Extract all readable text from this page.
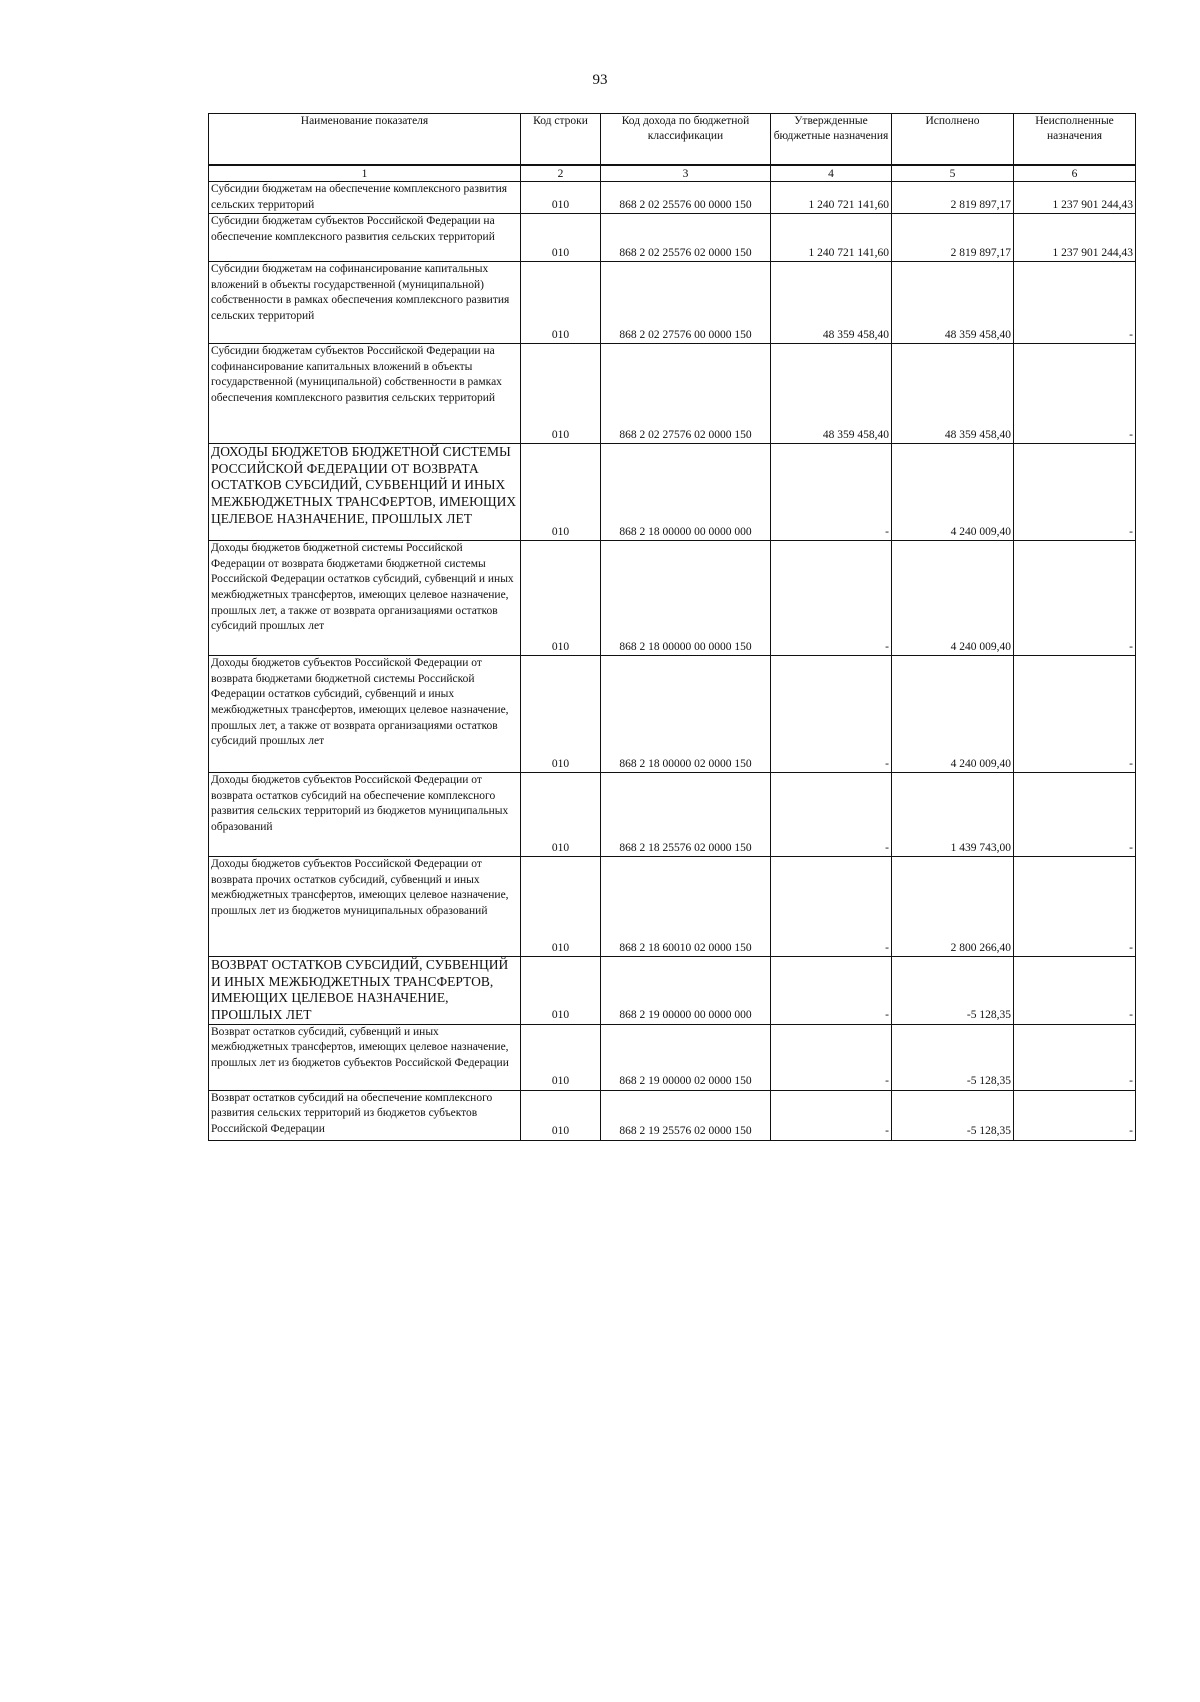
93
Наименование показателя	Код строки	Код дохода по бюджетной классификации	Утвержденные бюджетные назначения	Исполнено	Неисполненные назначения
1	2	3	4	5	6
Субсидии бюджетам на обеспечение комплексного развития сельских территорий	010	868 2 02 25576 00 0000 150	1 240 721 141,60	2 819 897,17	1 237 901 244,43
Субсидии бюджетам субъектов Российской Федерации на обеспечение комплексного развития сельских территорий	010	868 2 02 25576 02 0000 150	1 240 721 141,60	2 819 897,17	1 237 901 244,43
Субсидии бюджетам на софинансирование капитальных вложений в объекты государственной (муниципальной) собственности в рамках обеспечения комплексного развития сельских территорий	010	868 2 02 27576 00 0000 150	48 359 458,40	48 359 458,40	-
Субсидии бюджетам субъектов Российской Федерации на софинансирование капитальных вложений в объекты государственной (муниципальной) собственности в рамках обеспечения комплексного развития сельских территорий	010	868 2 02 27576 02 0000 150	48 359 458,40	48 359 458,40	-
ДОХОДЫ БЮДЖЕТОВ БЮДЖЕТНОЙ СИСТЕМЫ РОССИЙСКОЙ ФЕДЕРАЦИИ ОТ ВОЗВРАТА ОСТАТКОВ СУБСИДИЙ, СУБВЕНЦИЙ И ИНЫХ МЕЖБЮДЖЕТНЫХ ТРАНСФЕРТОВ, ИМЕЮЩИХ ЦЕЛЕВОЕ НАЗНАЧЕНИЕ, ПРОШЛЫХ ЛЕТ	010	868 2 18 00000 00 0000 000	-	4 240 009,40	-
Доходы бюджетов бюджетной системы Российской Федерации от возврата бюджетами бюджетной системы Российской Федерации остатков субсидий, субвенций и иных межбюджетных трансфертов, имеющих целевое назначение, прошлых лет, а также от возврата организациями остатков субсидий прошлых лет	010	868 2 18 00000 00 0000 150	-	4 240 009,40	-
Доходы бюджетов субъектов Российской Федерации от возврата бюджетами бюджетной системы Российской Федерации остатков субсидий, субвенций и иных межбюджетных трансфертов, имеющих целевое назначение, прошлых лет, а также от возврата организациями остатков субсидий прошлых лет	010	868 2 18 00000 02 0000 150	-	4 240 009,40	-
Доходы бюджетов субъектов Российской Федерации от возврата остатков субсидий на обеспечение комплексного развития сельских территорий из бюджетов муниципальных образований	010	868 2 18 25576 02 0000 150	-	1 439 743,00	-
Доходы бюджетов субъектов Российской Федерации от возврата прочих остатков субсидий, субвенций и иных межбюджетных трансфертов, имеющих целевое назначение, прошлых лет из бюджетов муниципальных образований	010	868 2 18 60010 02 0000 150	-	2 800 266,40	-
ВОЗВРАТ ОСТАТКОВ СУБСИДИЙ, СУБВЕНЦИЙ И ИНЫХ МЕЖБЮДЖЕТНЫХ ТРАНСФЕРТОВ, ИМЕЮЩИХ ЦЕЛЕВОЕ НАЗНАЧЕНИЕ, ПРОШЛЫХ ЛЕТ	010	868 2 19 00000 00 0000 000	-	-5 128,35	-
Возврат остатков субсидий, субвенций и иных межбюджетных трансфертов, имеющих целевое назначение, прошлых лет из бюджетов субъектов Российской Федерации	010	868 2 19 00000 02 0000 150	-	-5 128,35	-
Возврат остатков субсидий на обеспечение комплексного развития сельских территорий из бюджетов субъектов Российской Федерации	010	868 2 19 25576 02 0000 150	-	-5 128,35	-
